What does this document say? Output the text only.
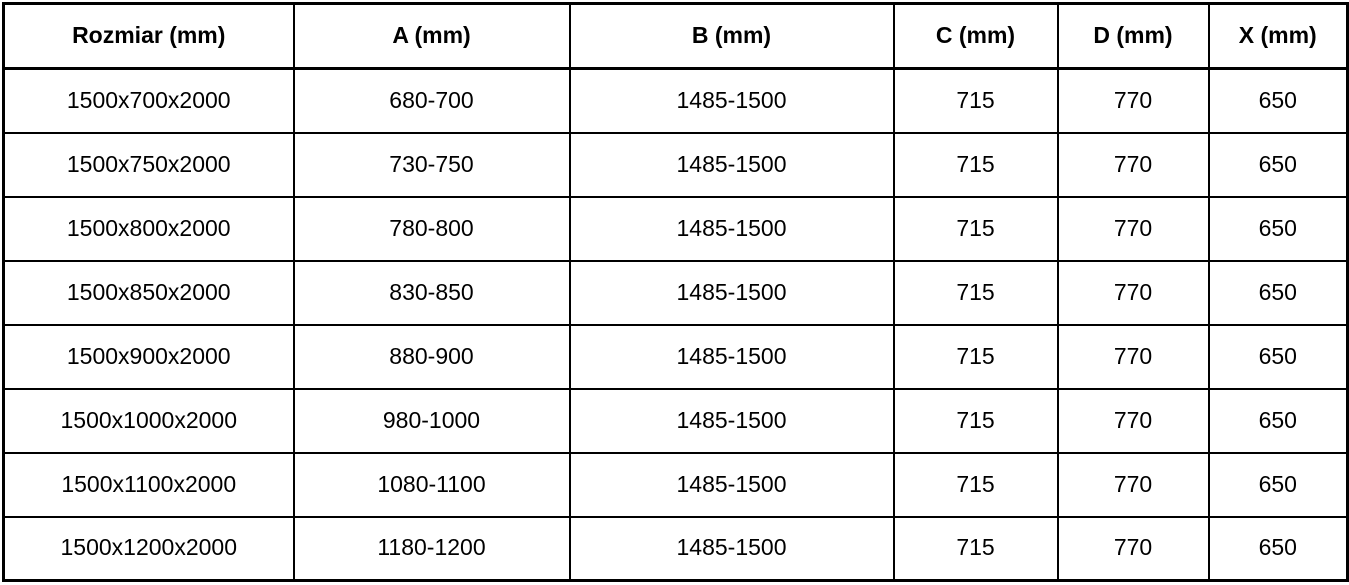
Rozmiar (mm)	A (mm)	B (mm)	C (mm)	D (mm)	X (mm)
1500x700x2000	680-700	1485-1500	715	770	650
1500x750x2000	730-750	1485-1500	715	770	650
1500x800x2000	780-800	1485-1500	715	770	650
1500x850x2000	830-850	1485-1500	715	770	650
1500x900x2000	880-900	1485-1500	715	770	650
1500x1000x2000	980-1000	1485-1500	715	770	650
1500x1100x2000	1080-1100	1485-1500	715	770	650
1500x1200x2000	1180-1200	1485-1500	715	770	650
